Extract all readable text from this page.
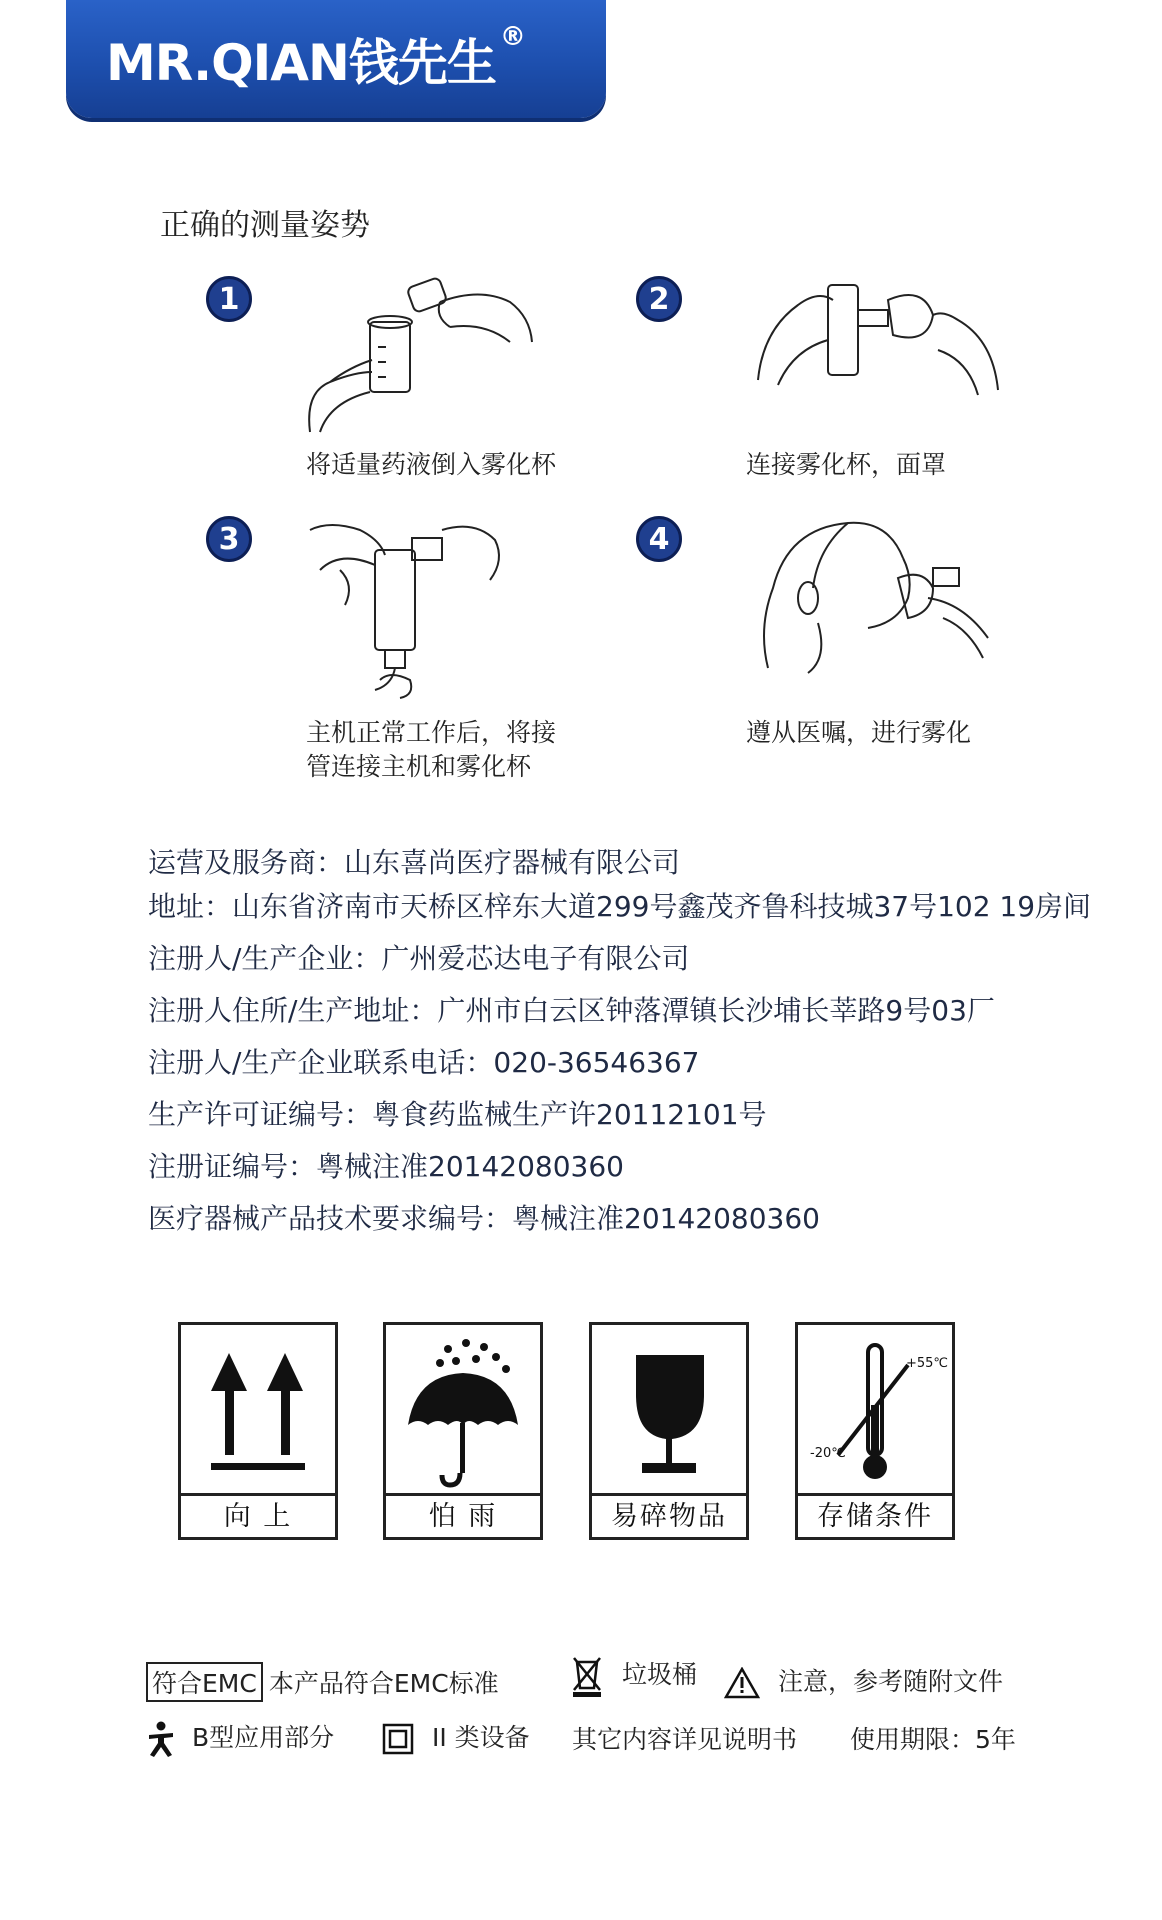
MR.QIAN钱先生 ®
正确的测量姿势
1
将适量药液倒入雾化杯
2
连接雾化杯，面罩
3
主机正常工作后，将接
管连接主机和雾化杯
4
遵从医嘱，进行雾化
运营及服务商：山东喜尚医疗器械有限公司
地址：山东省济南市天桥区梓东大道299号鑫茂齐鲁科技城37号102 19房间
注册人/生产企业：广州爱芯达电子有限公司
注册人住所/生产地址：广州市白云区钟落潭镇长沙埔长莘路9号03厂
注册人/生产企业联系电话：020-36546367
生产许可证编号：粤食药监械生产许20112101号
注册证编号：粤械注准20142080360
医疗器械产品技术要求编号：粤械注准20142080360
向 上	怕 雨	易碎物品
+55℃
-20℃
存储条件
符合EMC 本产品符合EMC标准	垃圾桶	注意，参考随附文件
B型应用部分	II 类设备 其它内容详见说明书 使用期限：5年
